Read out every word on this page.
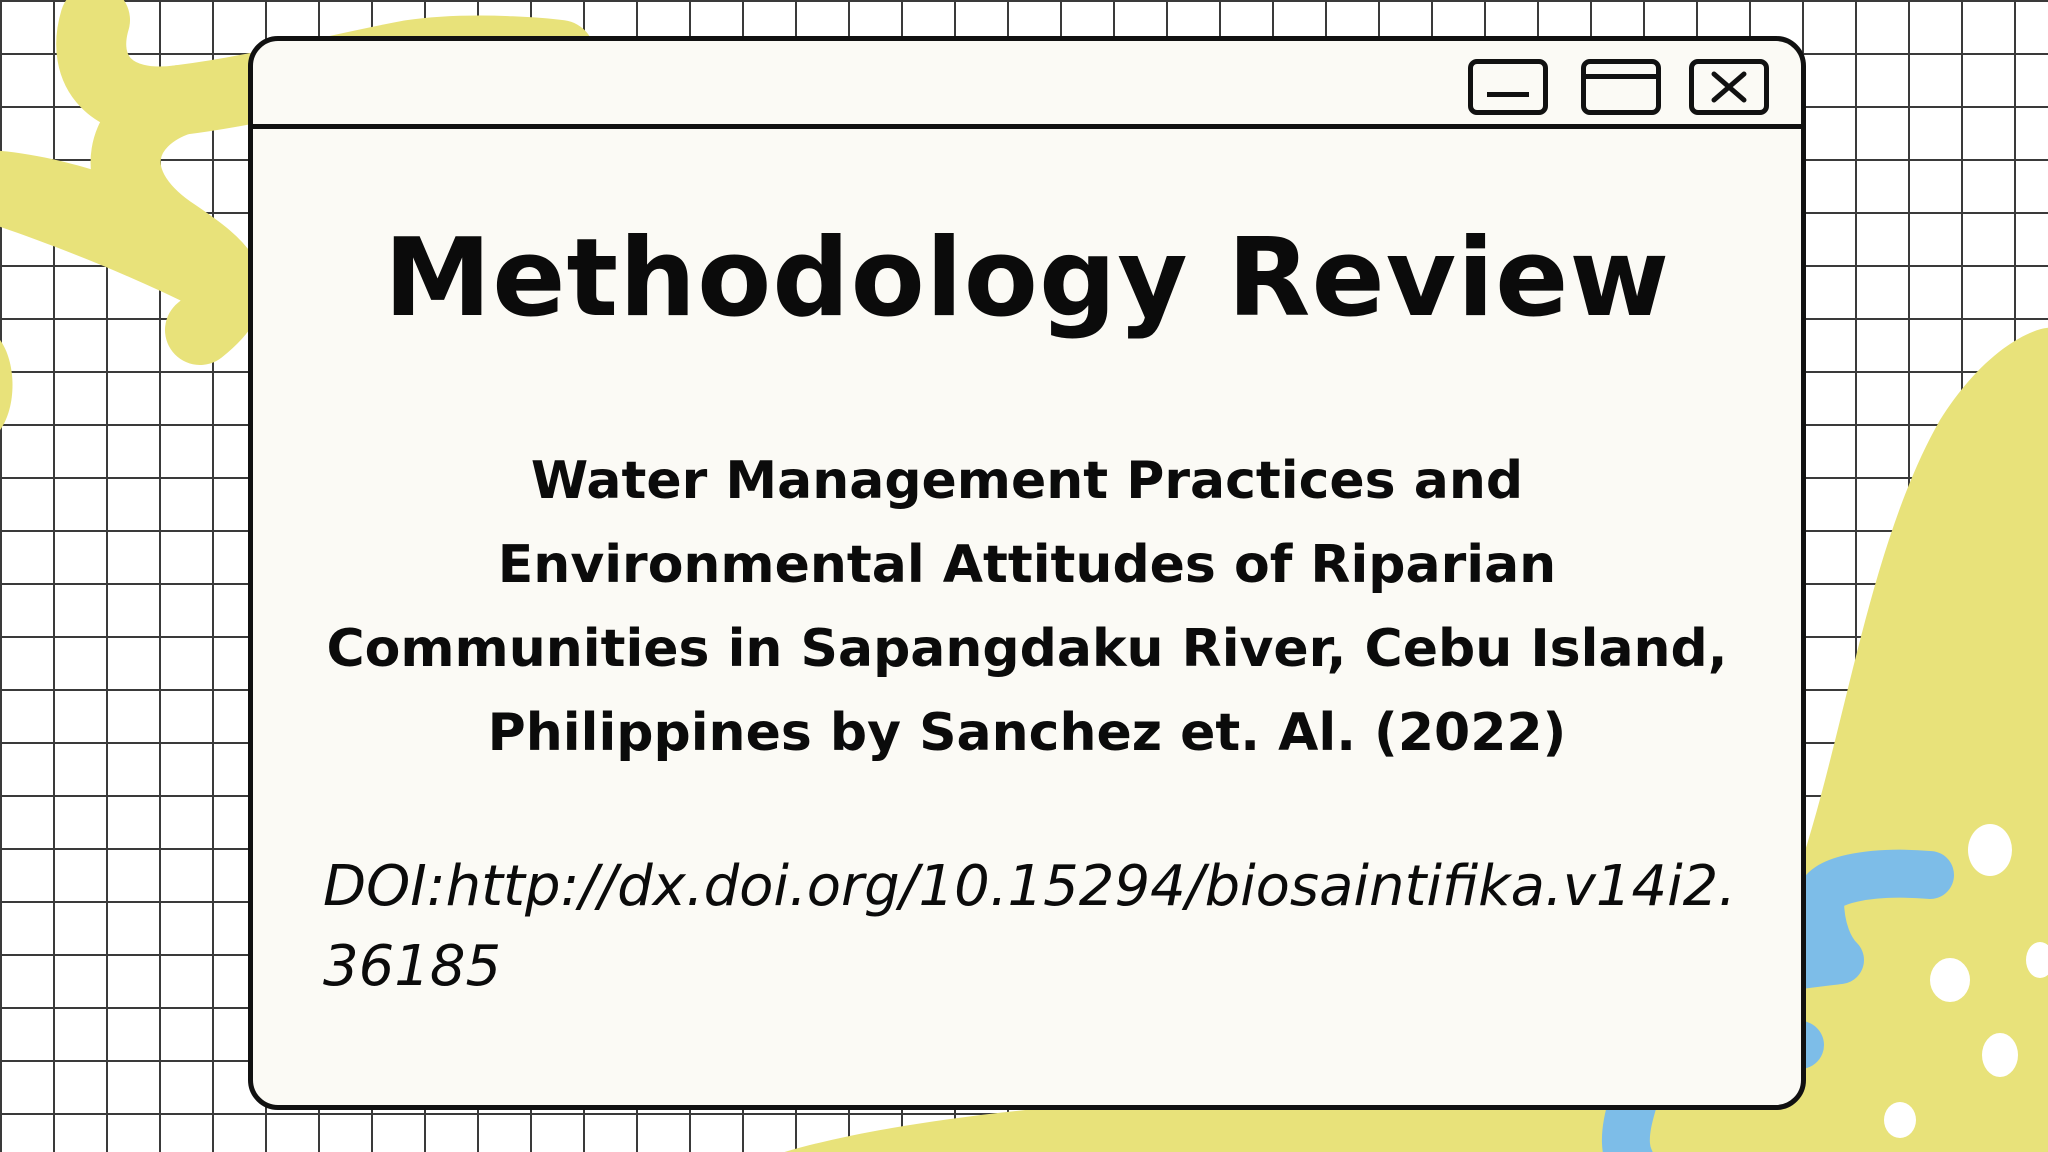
Methodology Review

Water Management Practices and Environmental Attitudes of Riparian Communities in Sapangdaku River, Cebu Island, Philippines by Sanchez et. Al. (2022)

DOI:http://dx.doi.org/10.15294/biosaintifika.v14i2.36185
